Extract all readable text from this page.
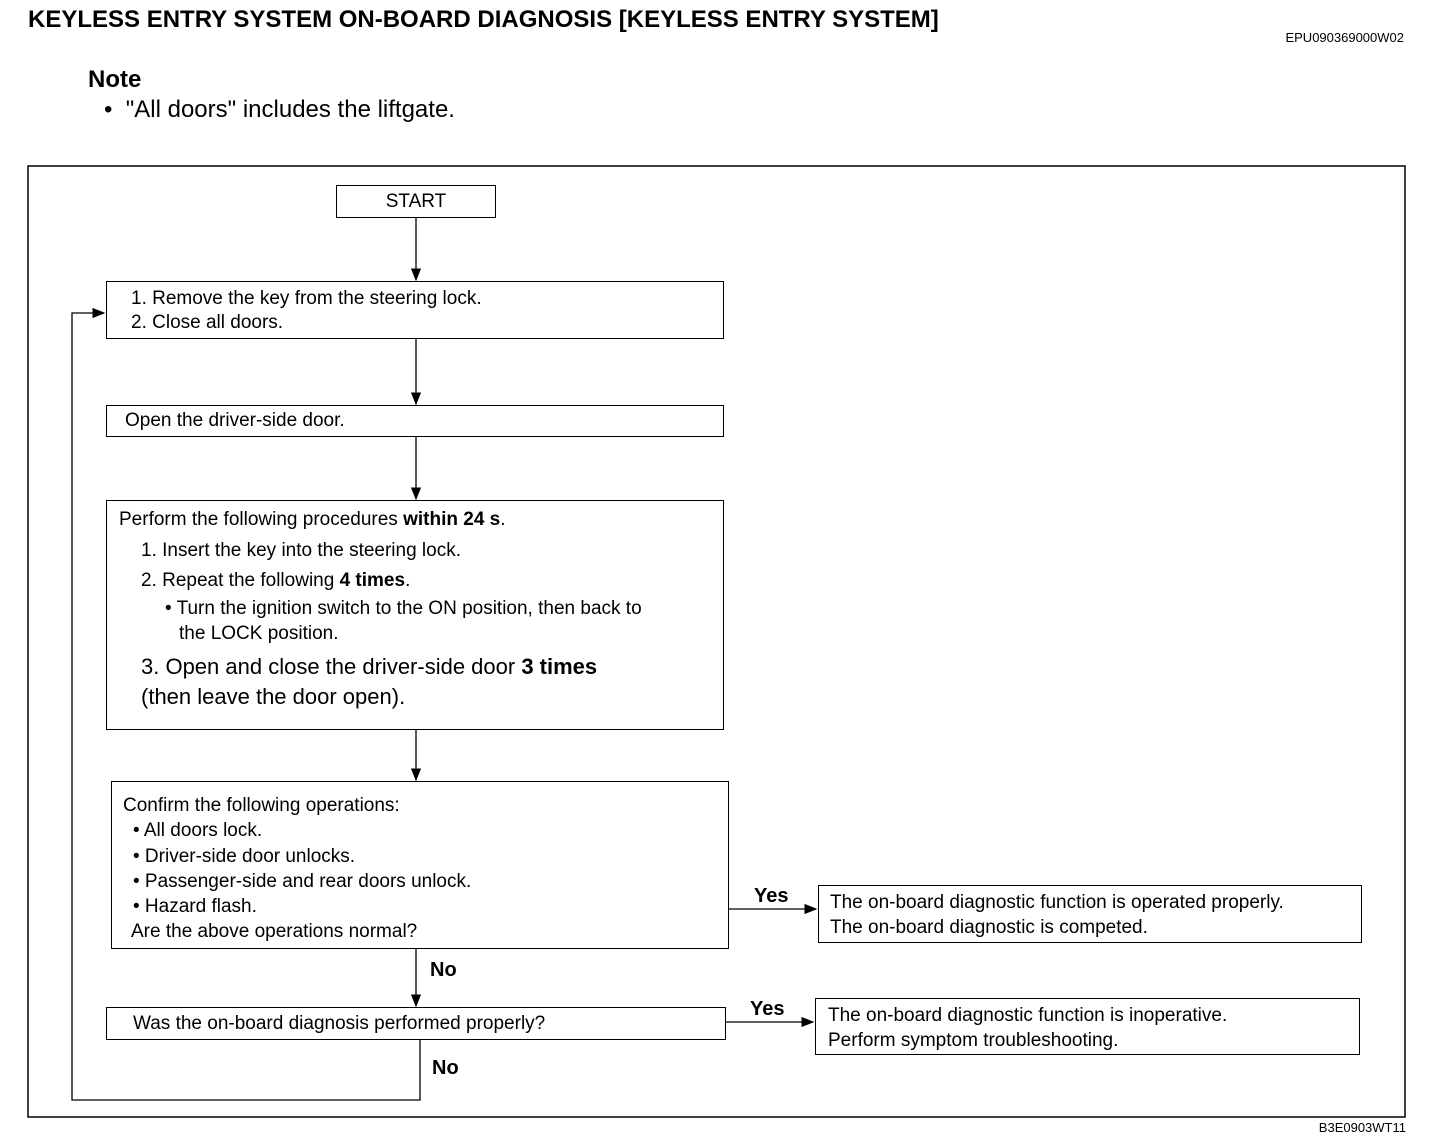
KEYLESS ENTRY SYSTEM ON-BOARD DIAGNOSIS [KEYLESS ENTRY SYSTEM]
EPU090369000W02
Note
•  "All doors" includes the liftgate.
START
1. Remove the key from the steering lock.
2. Close all doors.
Open the driver-side door.
Perform the following procedures within 24 s.
1. Insert the key into the steering lock.
2. Repeat the following 4 times.
• Turn the ignition switch to the ON position, then back to
the LOCK position.
3. Open and close the driver-side door 3 times
(then leave the door open).
Confirm the following operations:
• All doors lock.
• Driver-side door unlocks.
• Passenger-side and rear doors unlock.
• Hazard flash.
Are the above operations normal?
Yes The on-board diagnostic function is operated properly.
The on-board diagnostic is competed.
No
Was the on-board diagnosis performed properly?
Yes The on-board diagnostic function is inoperative.
Perform symptom troubleshooting.
No
B3E0903WT11
